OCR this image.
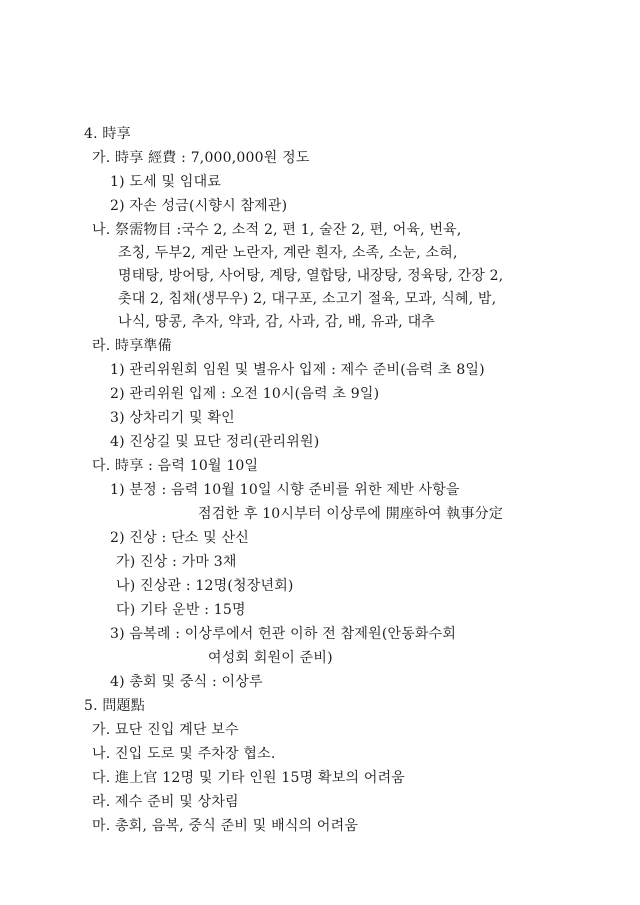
4. 時享
가. 時享 經費 : 7,000,000원 정도
1) 도세 및 임대료
2) 자손 성금(시향시 참제관)
나. 祭需物目 :국수 2, 소적 2, 편 1, 술잔 2, 편, 어육, 번육,
조칭, 두부2, 계란 노란자, 계란 흰자, 소족, 소눈, 소혀,
명태탕, 방어탕, 사어탕, 계탕, 열합탕, 내장탕, 정육탕, 간장 2,
촛대 2, 침채(생무우) 2, 대구포, 소고기 절육, 모과, 식혜, 밤,
나식, 땅콩, 추자, 약과, 감, 사과, 감, 배, 유과, 대추
라. 時享準備
1) 관리위원회 임원 및 별유사 입제 : 제수 준비(음력 초 8일)
2) 관리위원 입제 : 오전 10시(음력 초 9일)
3) 상차리기 및 확인
4) 진상길 및 묘단 정리(관리위원)
다. 時享 : 음력 10월 10일
1) 분정 : 음력 10월 10일 시향 준비를 위한 제반 사항을
점검한 후 10시부터 이상루에 開座하여 執事分定
2) 진상 : 단소 및 산신
가) 진상 : 가마 3채
나) 진상관 : 12명(청장년회)
다) 기타 운반 : 15명
3) 음복례 : 이상루에서 헌관 이하 전 참제원(안동화수회
여성회 회원이 준비)
4) 총회 및 중식 : 이상루
5. 問題點
가. 묘단 진입 계단 보수
나. 진입 도로 및 주차장 협소.
다. 進上官 12명 및 기타 인원 15명 확보의 어려움
라. 제수 준비 및 상차림
마. 총회, 음복, 중식 준비 및 배식의 어려움
